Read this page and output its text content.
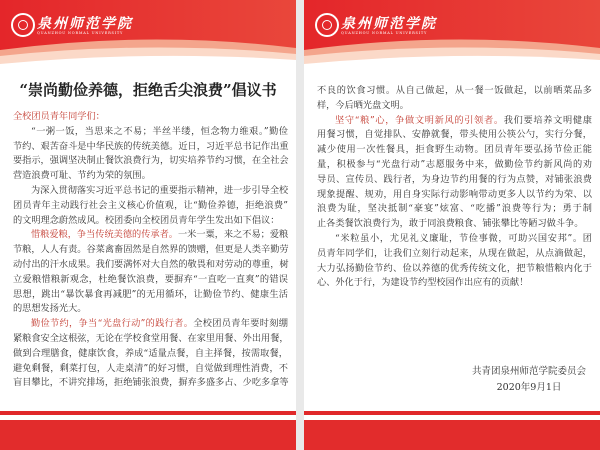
泉州师范学院
QUANZHOU NORMAL UNIVERSITY
“崇尚勤俭养德，拒绝舌尖浪费”倡议书
全校团员青年同学们：
“一粥一饭，当思来之不易；半丝半缕，恒念物力维艰。”勤俭
节约、艰苦奋斗是中华民族的传统美德。近日，习近平总书记作出重
要指示，强调坚决制止餐饮浪费行为，切实培养节约习惯，在全社会
营造浪费可耻、节约为荣的氛围。
为深入贯彻落实习近平总书记的重要指示精神，进一步引导全校
团员青年主动践行社会主义核心价值观，让“勤俭养德，拒绝浪费”
的文明理念蔚然成风。校团委向全校团员青年学生发出如下倡议：
惜粮爱粮，争当传统美德的传承者。一米一粟，来之不易；爱粮
节粮，人人有责。谷菜禽畜固然是自然界的馈赠，但更是人类辛勤劳
动付出的汗水成果。我们要满怀对大自然的敬畏和对劳动的尊重，树
立爱粮惜粮新观念，杜绝餐饮浪费，要摒弃“一直吃一直爽”的错误
思想，跳出“暴饮暴食再减肥”的无用循环，让勤俭节约、健康生活
的思想发扬光大。
勤俭节约，争当“光盘行动”的践行者。全校团员青年要时刻绷
紧粮食安全这根弦，无论在学校食堂用餐、在家里用餐、外出用餐，
做到合理膳食，健康饮食，养成“适量点餐，自主择餐，按需取餐，
避免剩餐，剩菜打包，人走桌清”的好习惯，自觉做到理性消费，不
盲目攀比，不讲究排场，拒绝铺张浪费，摒弃多盛多占、少吃多拿等
泉州师范学院
QUANZHOU NORMAL UNIVERSITY
不良的饮食习惯。从自己做起，从一餐一饭做起，以前晒菜品多
样，今后晒光盘文明。
坚守“粮”心，争做文明新风的引领者。我们要培养文明健康
用餐习惯，自觉排队、安静就餐，带头使用公筷公勺，实行分餐，
减少使用一次性餐具，拒食野生动物。团员青年要弘扬节俭正能
量，积极参与“光盘行动”志愿服务中来，做勤俭节约新风尚的劝
导员、宣传员、践行者，为身边节约用餐的行为点赞，对铺张浪费
现象提醒、规劝，用自身实际行动影响带动更多人以节约为荣、以
浪费为耻，坚决抵制“豪宴”炫富、“吃播”浪费等行为；勇于制
止各类餐饮浪费行为，敢于同浪费粮食、铺张攀比等陋习做斗争。
“米粒虽小，尤见礼义廉耻，节俭事微，可助兴国安邦”。团
员青年同学们，让我们立刻行动起来，从现在做起，从点滴做起，
大力弘扬勤俭节约、俭以养德的优秀传统文化，把节粮惜粮内化于
心、外化于行，为建设节约型校园作出应有的贡献！
共青团泉州师范学院委员会
2020年9月1日
